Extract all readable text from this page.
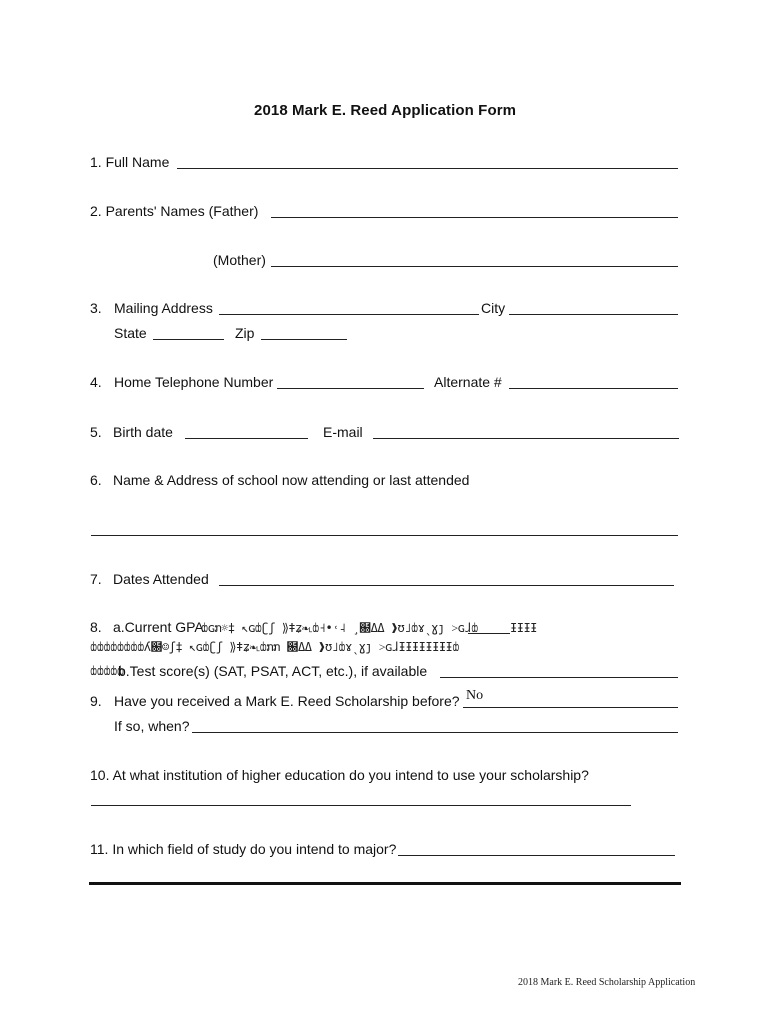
2018 Mark E. Reed Application Form
1. Full Name
2. Parents' Names (Father)
(Mother)
3. Mailing Address	City
State	Zip
4. Home Telephone Number	Alternate #
5. Birth date	E-mail
6. Name & Address of school now attending or last attended
7. Dates Attended
8. a.Current GPA
ȸɢກ☼‡ ↖ɢȸʗʃ ⟫ǂʑ❧˪ȸ˧•˓˨ ¸฀ΔΔ ❱ʊ˩ȸɤˎɣȷ ˃ɢɺȸ	ƗƗƗƗ
ȸȸȸȸȸȸȸȸʎ฀☺ʃ‡ ↖ɢȸʗʃ ⟫ǂʑ❧˪ȸກກ ฀ΔΔ ❱ʊ˩ȸɤˎɣȷ ˃ɢɺƗƗƗƗƗƗƗƗȸ
ȸȸȸȸȸ
b.Test score(s) (SAT, PSAT, ACT, etc.), if available
9. Have you received a Mark E. Reed Scholarship before? No
If so, when?
10. At what institution of higher education do you intend to use your scholarship?
11. In which field of study do you intend to major?
2018 Mark E. Reed Scholarship Application
